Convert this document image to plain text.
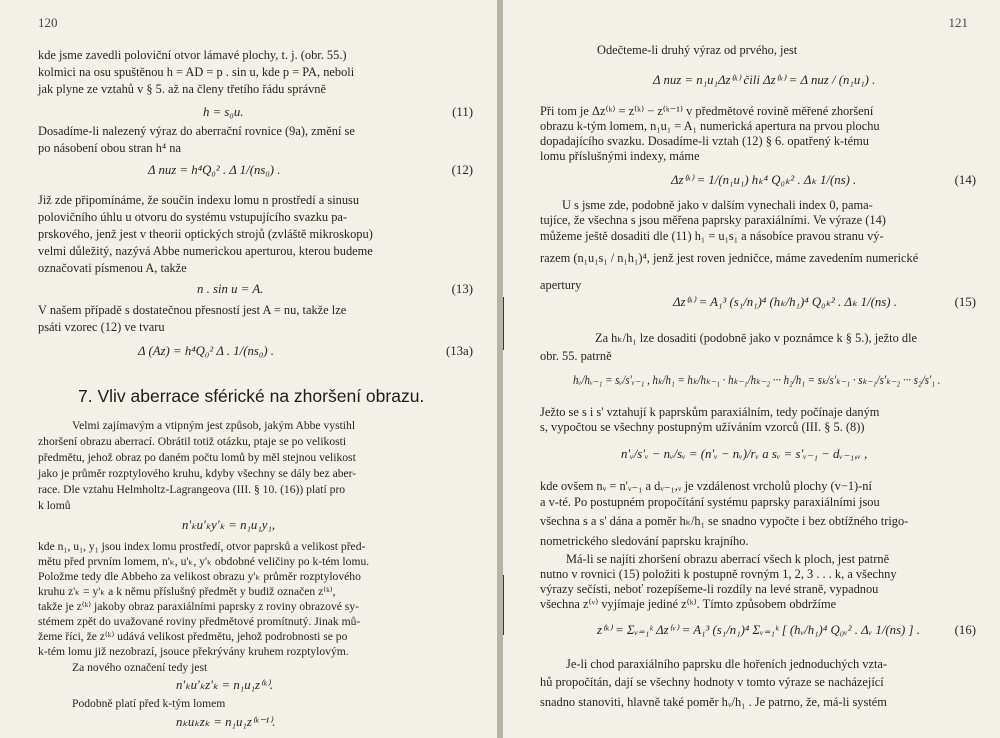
120
kde jsme zavedli poloviční otvor lámavé plochy, t. j. (obr. 55.)
kolmici na osu spuštěnou h = AD = p . sin u, kde p = PA, neboli
jak plyne ze vztahů v § 5. až na členy třetího řádu správně
h = s₀u.	(11)
Dosadíme-li nalezený výraz do aberrační rovnice (9a), změní se
po násobení obou stran h⁴ na
Δ nuz = h⁴Q₀² . Δ 1/(ns₀) .	(12)
Již zde připomínáme, že součin indexu lomu n prostředí a sinusu
polovičního úhlu u otvoru do systému vstupujícího svazku pa-
prskového, jenž jest v theorii optických strojů (zvláště mikroskopu)
velmi důležitý, nazývá Abbe numerickou aperturou, kterou budeme
označovati písmenou A, takže
n . sin u = A.	(13)
V našem případě s dostatečnou přesností jest A = nu, takže lze
psáti vzorec (12) ve tvaru
Δ (Az) = h⁴Q₀² Δ . 1/(ns₀) .	(13a)
7. Vliv aberrace sférické na zhoršení obrazu.
Velmi zajímavým a vtipným jest způsob, jakým Abbe vystihl
zhoršení obrazu aberrací. Obrátil totiž otázku, ptaje se po velikosti
předmětu, jehož obraz po daném počtu lomů by měl stejnou velikost
jako je průměr rozptylového kruhu, kdyby všechny se dály bez aber-
race. Dle vztahu Helmholtz-Lagrangeova (III. § 10. (16)) platí pro
k lomů
n'ₖu'ₖy'ₖ = n₁u₁y₁,
kde n₁, u₁, y₁ jsou index lomu prostředí, otvor paprsků a velikost před-
mětu před prvním lomem, n'ₖ, u'ₖ, y'ₖ obdobné veličiny po k-tém lomu.
Položme tedy dle Abbeho za velikost obrazu y'ₖ průměr rozptylového
kruhu z'ₖ = y'ₖ a k němu příslušný předmět y budiž označen z⁽ᵏ⁾,
takže je z⁽ᵏ⁾ jakoby obraz paraxiálními paprsky z roviny obrazové sy-
stémem zpět do uvažované roviny předmětové promítnutý. Jinak mů-
žeme říci, že z⁽ᵏ⁾ udává velikost předmětu, jehož podrobnosti se po
k-tém lomu již nezobrazí, jsouce překrývány kruhem rozptylovým.
Za nového označení tedy jest
n'ₖu'ₖz'ₖ = n₁u₁z⁽ᵏ⁾.
Podobně platí před k-tým lomem
nₖuₖzₖ = n₁u₁z⁽ᵏ⁻¹⁾.
121
Odečteme-li druhý výraz od prvého, jest
Δ nuz = n₁u₁Δz⁽ᵏ⁾ čili Δz⁽ᵏ⁾ = Δ nuz / (n₁u₁) .
Při tom je Δz⁽ᵏ⁾ = z⁽ᵏ⁾ − z⁽ᵏ⁻¹⁾ v předmětové rovině měřené zhoršení
obrazu k-tým lomem, n₁u₁ = A₁ numerická apertura na prvou plochu
dopadajícího svazku. Dosadíme-li vztah (12) § 6. opatřený k-tému
lomu příslušnými indexy, máme
Δz⁽ᵏ⁾ = 1/(n₁u₁) hₖ⁴ Q₀ₖ² . Δₖ 1/(ns) .	(14)
U s jsme zde, podobně jako v dalším vynechali index 0, pama-
tujíce, že všechna s jsou měřena paprsky paraxiálními. Ve výraze (14)
můžeme ještě dosaditi dle (11) h₁ = u₁s₁ a násobíce pravou stranu vý-
razem (n₁u₁s₁ / n₁h₁)⁴, jenž jest roven jedničce, máme zavedením numerické
apertury
Δz⁽ᵏ⁾ = A₁³ (s₁/n₁)⁴ (hₖ/h₁)⁴ Q₀ₖ² . Δₖ 1/(ns) .	(15)
Za hₖ/h₁ lze dosaditi (podobně jako v poznámce k § 5.), ježto dle
obr. 55. patrně
hᵥ/hᵥ₋₁ = sᵥ/s'ᵥ₋₁ , hₖ/h₁ = hₖ/hₖ₋₁ · hₖ₋₁/hₖ₋₂ ··· h₂/h₁ = sₖ/s'ₖ₋₁ · sₖ₋₁/s'ₖ₋₂ ··· s₂/s'₁ .
Ježto se s i s' vztahují k paprskům paraxiálním, tedy počínaje daným
s, vypočtou se všechny postupným užíváním vzorců (III. § 5. (8))
n'ᵥ/s'ᵥ − nᵥ/sᵥ = (n'ᵥ − nᵥ)/rᵥ a sᵥ = s'ᵥ₋₁ − dᵥ₋₁,ᵥ ,
kde ovšem nᵥ = n'ᵥ₋₁ a dᵥ₋₁,ᵥ je vzdálenost vrcholů plochy (v−1)-ní
a v-té. Po postupném propočítání systému paprsky paraxiálními jsou
všechna s a s' dána a poměr hₖ/h₁ se snadno vypočte i bez obtížného trigo-
nometrického sledování paprsku krajního.
Má-li se najíti zhoršení obrazu aberrací všech k ploch, jest patrně
nutno v rovnici (15) položiti k postupně rovným 1, 2, 3 . . . k, a všechny
výrazy sečísti, neboť rozepíšeme-li rozdíly na levé straně, vypadnou
všechna z⁽ᵛ⁾ vyjímaje jediné z⁽ᵏ⁾. Tímto způsobem obdržíme
z⁽ᵏ⁾ = Σᵥ₌₁ᵏ Δz⁽ᵛ⁾ = A₁³ (s₁/n₁)⁴ Σᵥ₌₁ᵏ [ (hᵥ/h₁)⁴ Q₀ᵥ² . Δᵥ 1/(ns) ] .	(16)
Je-li chod paraxiálního paprsku dle hořeních jednoduchých vzta-
hů propočítán, dají se všechny hodnoty v tomto výraze se nacházející
snadno stanoviti, hlavně také poměr hᵥ/h₁ . Je patrno, že, má-li systém
